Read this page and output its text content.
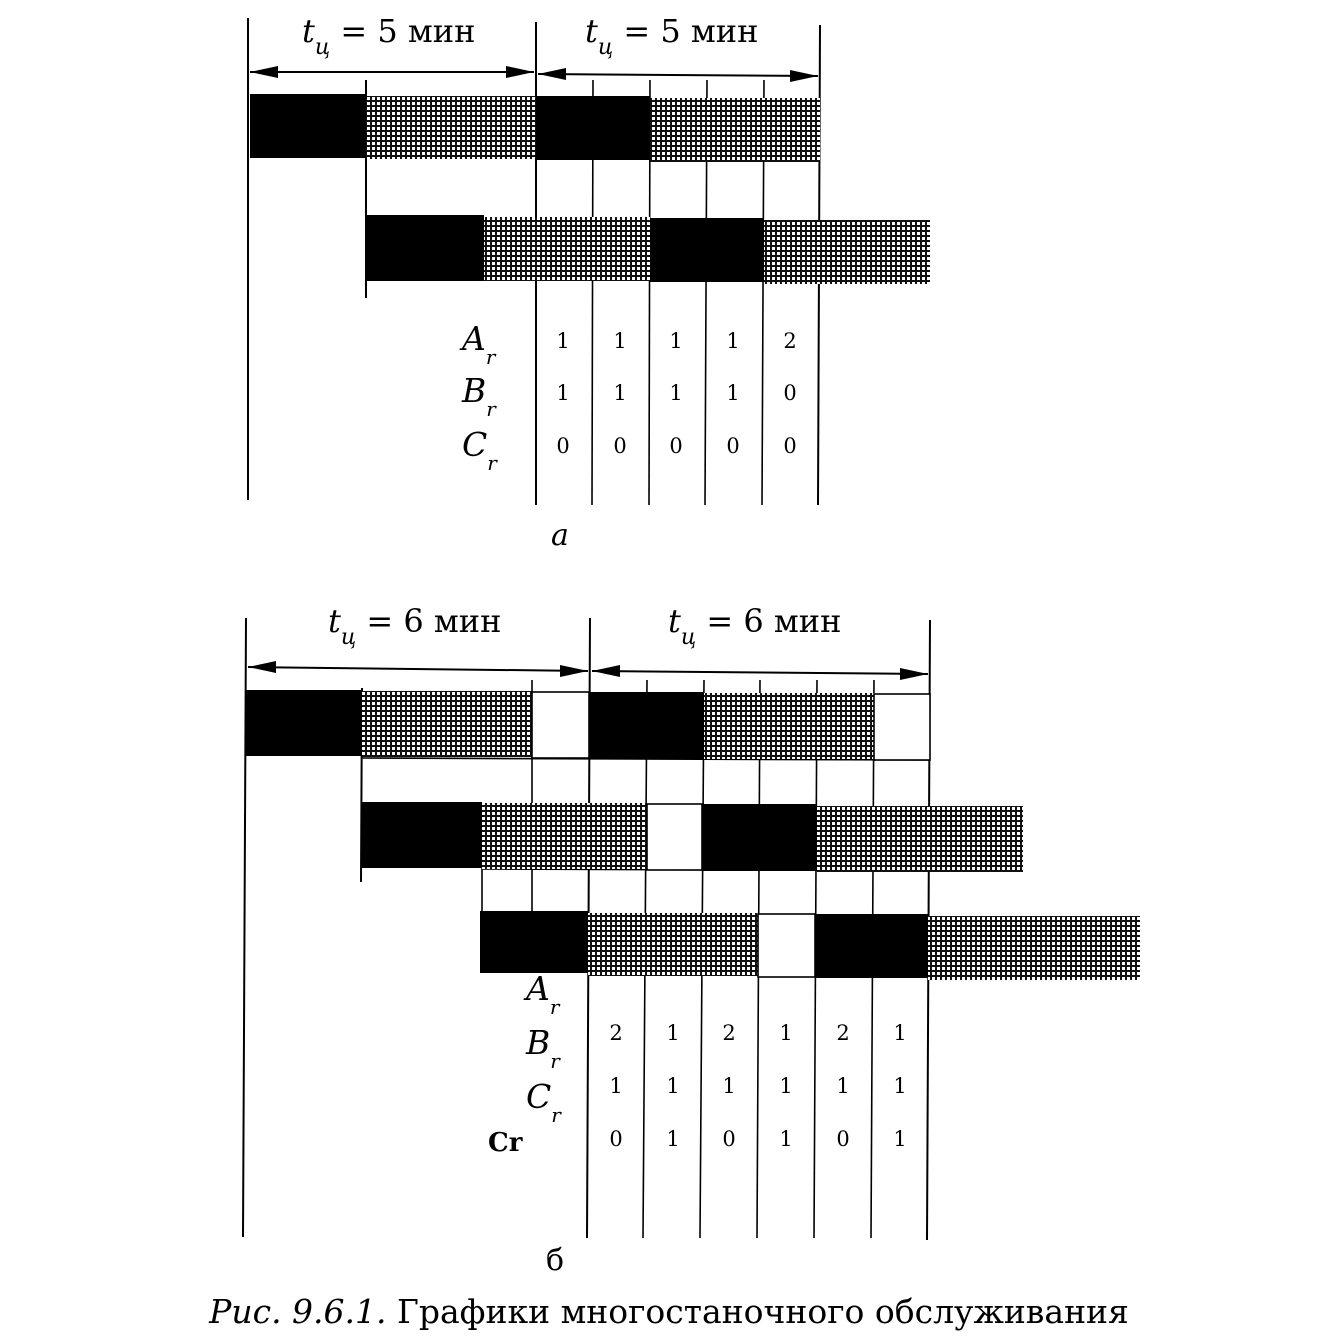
$t_ц = 5$ мин	$t_ц = 5$ мин
$A_r$
$B_r$
$C_r$
1 1 1 1 2
1 1 1 1 0
0 0 0 0 0
а
$t_ц = 6$ мин	$t_ц = 6$ мин
$A_r$
$B_r$
$C_r$
Cr
2 1 2 1 2 1
1 1 1 1 1 1
0 1 0 1 0 1
б
Рис. 9.6.1. Графики многостаночного обслуживания
